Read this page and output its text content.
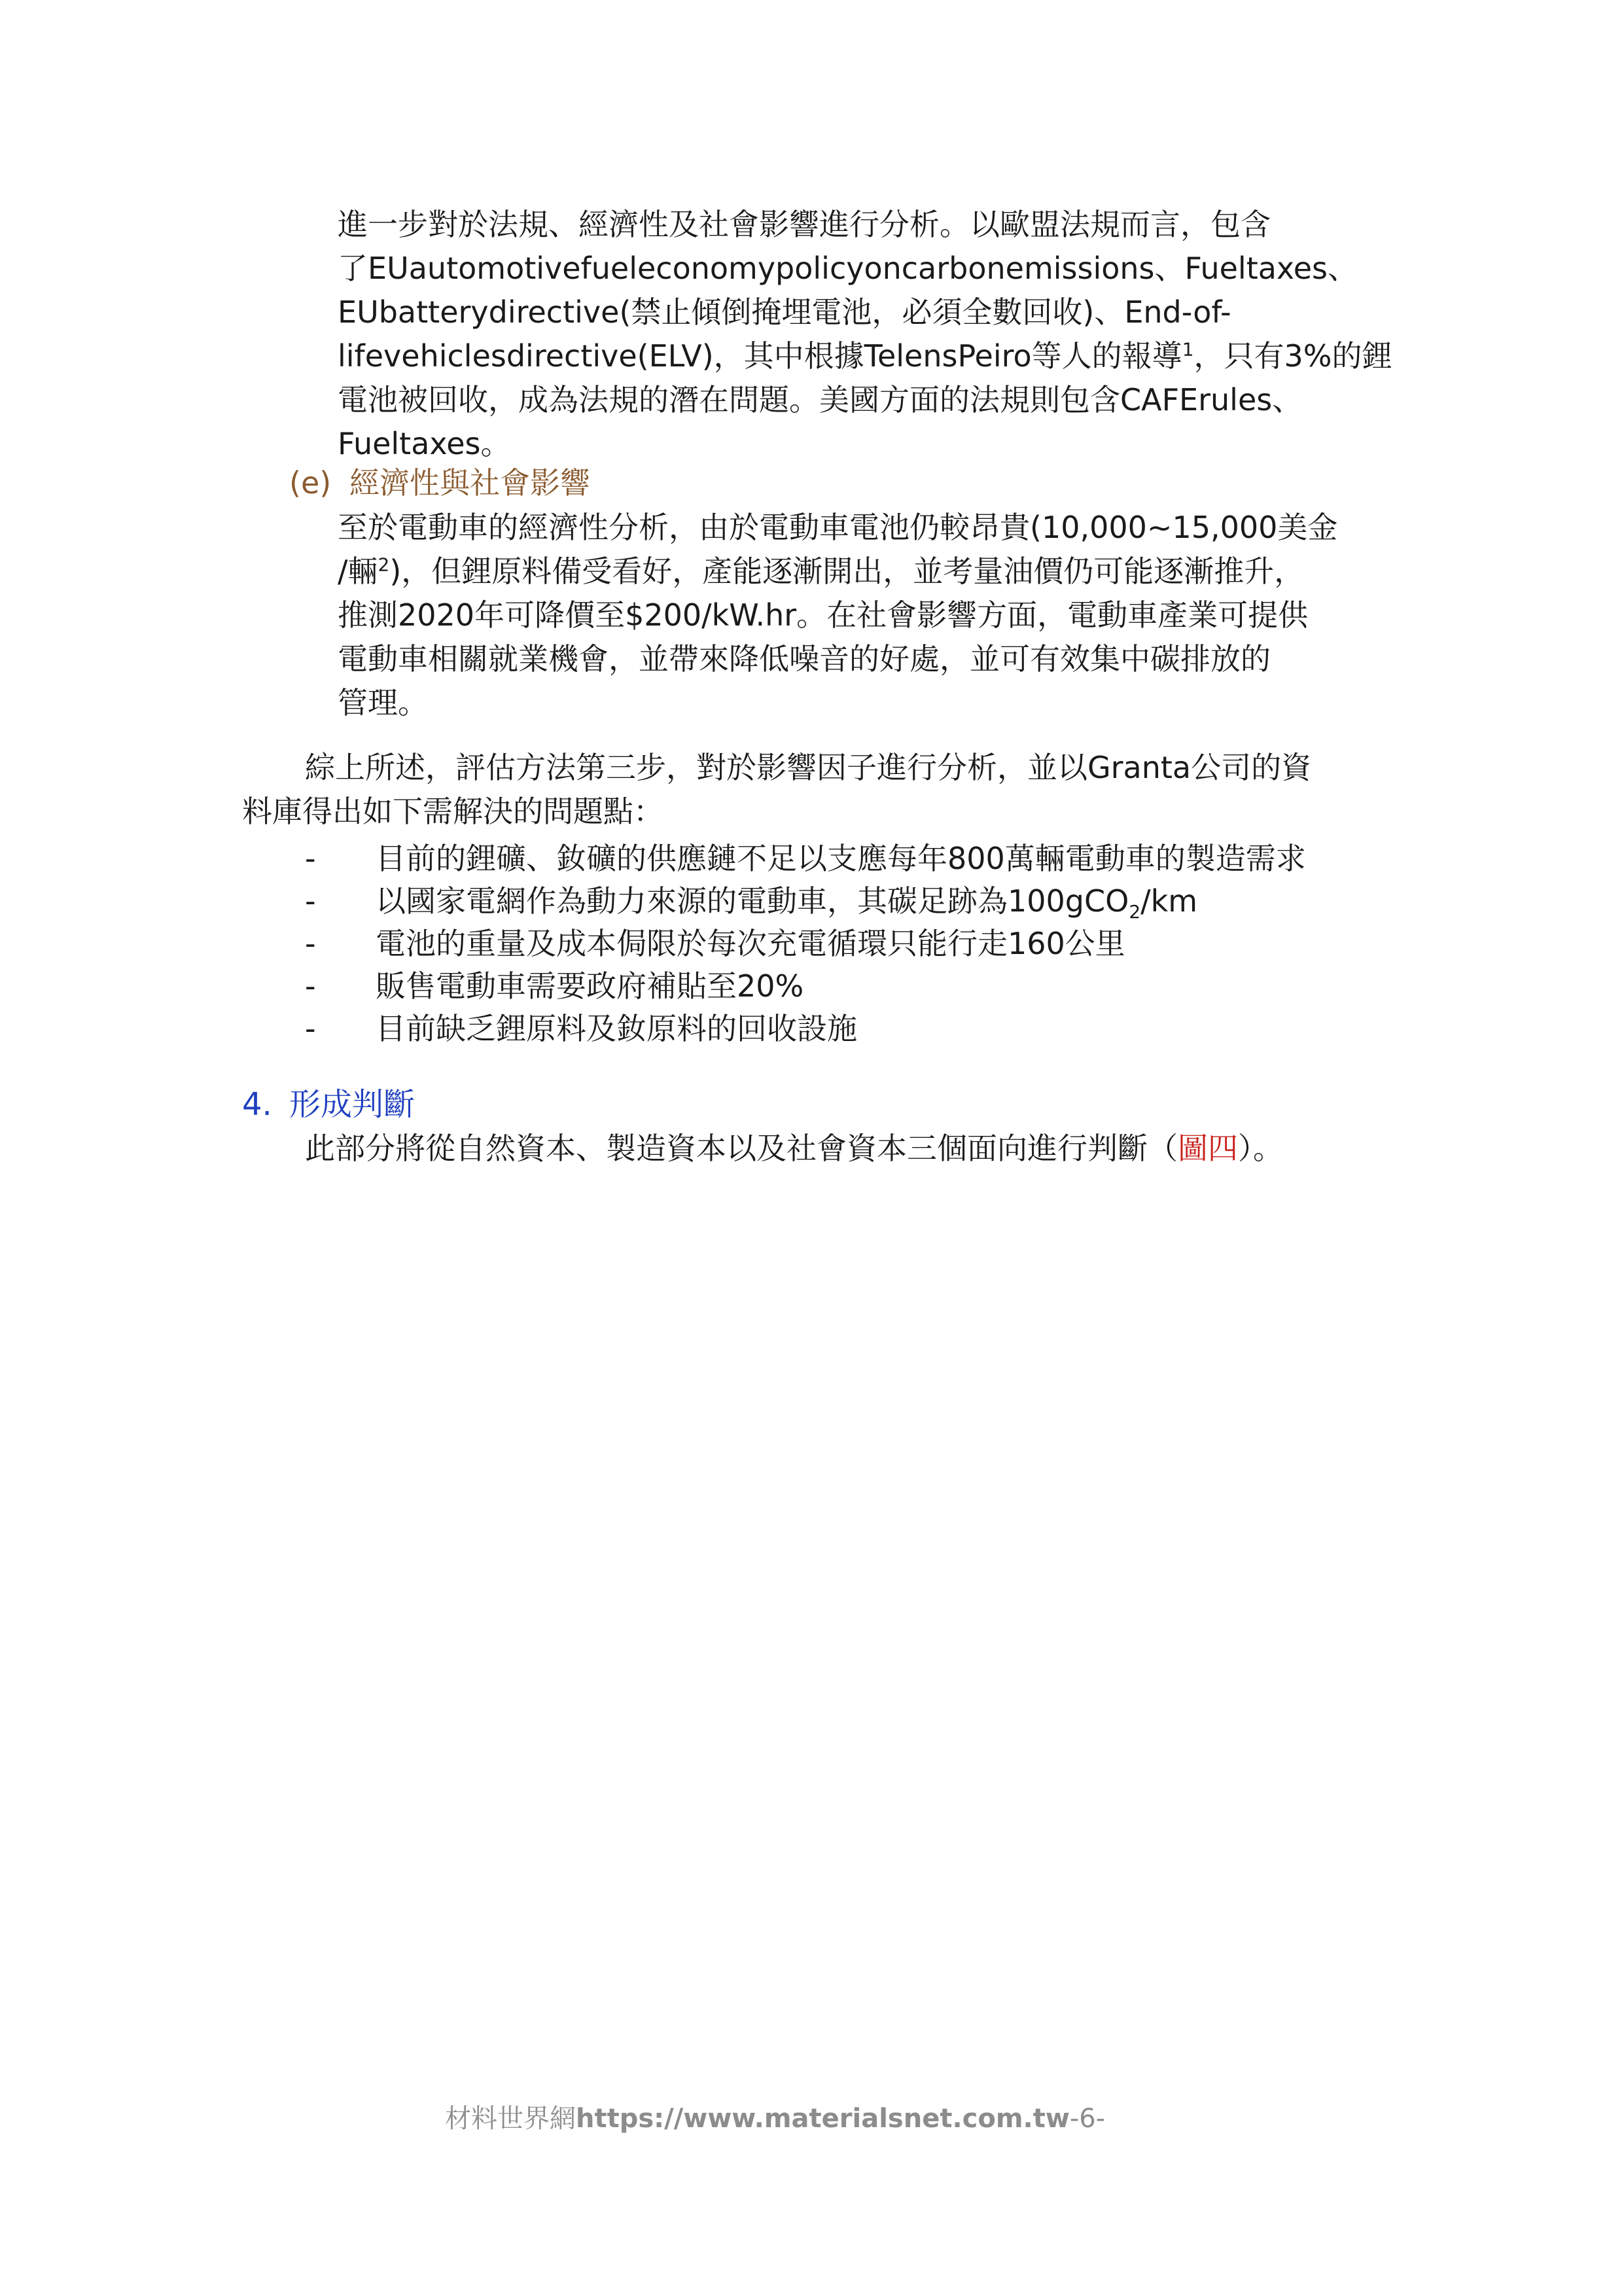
進一步對於法規、經濟性及社會影響進行分析。以歐盟法規而言，包含
了EUautomotivefueleconomypolicyoncarbonemissions、Fueltaxes、
EUbatterydirective(禁止傾倒掩埋電池，必須全數回收)、End-of-
lifevehiclesdirective(ELV)，其中根據TelensPeiro等人的報導$^1$，只有3%的鋰
電池被回收，成為法規的潛在問題。美國方面的法規則包含CAFErules、
Fueltaxes。
(e) 經濟性與社會影響
至於電動車的經濟性分析，由於電動車電池仍較昂貴(10,000~15,000美金
/輛$^2$)，但鋰原料備受看好，產能逐漸開出，並考量油價仍可能逐漸推升，
推測2020年可降價至$200/kW.hr。在社會影響方面，電動車產業可提供
電動車相關就業機會，並帶來降低噪音的好處，並可有效集中碳排放的
管理。
綜上所述，評估方法第三步，對於影響因子進行分析，並以Granta公司的資
料庫得出如下需解決的問題點：
- 目前的鋰礦、釹礦的供應鏈不足以支應每年800萬輛電動車的製造需求
- 以國家電網作為動力來源的電動車，其碳足跡為100gCO$_2$/km
- 電池的重量及成本侷限於每次充電循環只能行走160公里
- 販售電動車需要政府補貼至20%
- 目前缺乏鋰原料及釹原料的回收設施
4. 形成判斷
此部分將從自然資本、製造資本以及社會資本三個面向進行判斷（圖四）。
材料世界網https://www.materialsnet.com.tw-6-
